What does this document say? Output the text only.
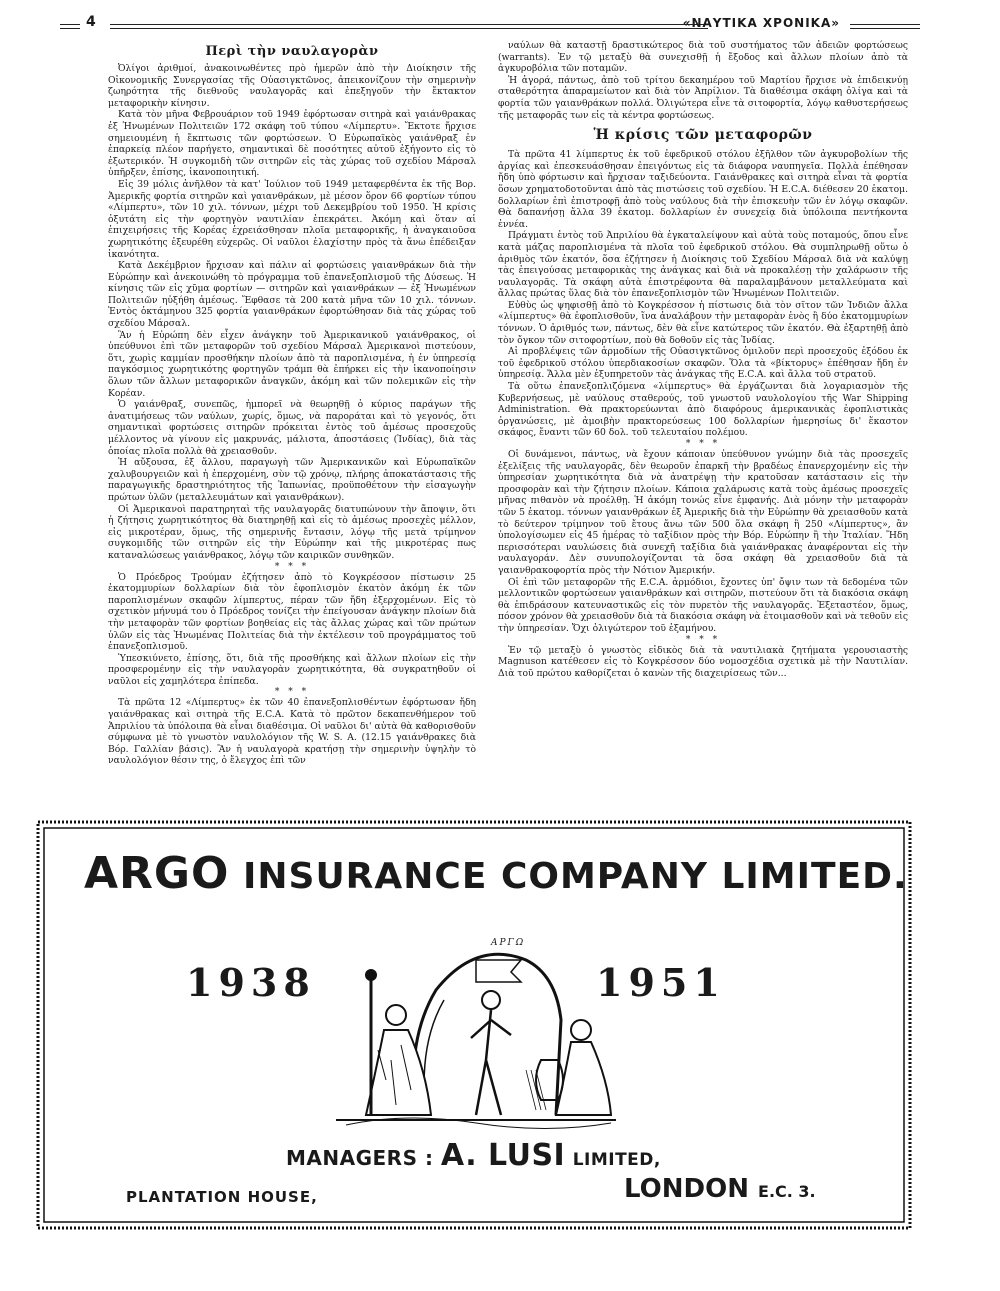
4	«ΝΑΥΤΙΚΑ ΧΡΟΝΙΚΑ»
Περὶ τὴν ναυλαγορὰν

Ὀλίγοι ἀριθμοί, ἀνακοινωθέντες πρὸ ἡμερῶν ἀπὸ τὴν Διοίκησιν τῆς Οἰκονομικῆς Συνεργασίας τῆς Οὐασιγκτῶνος, ἀπεικονίζουν τὴν σημερινὴν ζωηρότητα τῆς διεθνοῦς ναυλαγορᾶς καὶ ἐπεξηγοῦν τὴν ἔκτακτον μεταφορικὴν κίνησιν.

Κατὰ τὸν μῆνα Φεβρουάριον τοῦ 1949 ἐφόρτωσαν σιτηρὰ καὶ γαιάνθρακας ἐξ Ἡνωμένων Πολιτειῶν 172 σκάφη τοῦ τύπου «Λίμπερτυ». Ἔκτοτε ἤρχισε σημειουμένη ἡ ἔκπτωσις τῶν φορτώσεων. Ὁ Εὐρωπαϊκὸς γαιάνθραξ ἐν ἐπαρκείᾳ πλέον παρήγετο, σημαντικαὶ δὲ ποσότητες αὐτοῦ ἐξήγοντο εἰς τὸ ἐξωτερικόν. Ἡ συγκομιδὴ τῶν σιτηρῶν εἰς τὰς χώρας τοῦ σχεδίου Μάρσαλ ὑπῆρξεν, ἐπίσης, ἱκανοποιητική.

Εἰς 39 μόλις ἀνῆλθον τὰ κατ' Ἰούλιον τοῦ 1949 μεταφερθέντα ἐκ τῆς Βορ. Ἀμερικῆς φορτία σιτηρῶν καὶ γαιανθράκων, μὲ μέσον ὅρον 66 φορτίων τύπου «Λίμπερτυ», τῶν 10 χιλ. τόννων, μέχρι τοῦ Δεκεμβρίου τοῦ 1950. Ἡ κρίσις ὀξυτάτη εἰς τὴν φορτηγὸν ναυτιλίαν ἐπεκράτει. Ἀκόμη καὶ ὅταν αἱ ἐπιχειρήσεις τῆς Κορέας ἐχρειάσθησαν πλοῖα μεταφορικῆς, ἡ ἀναγκαιοῦσα χωρητικότης ἐξευρέθη εὐχερῶς. Οἱ ναῦλοι ἐλαχίστην πρὸς τὰ ἄνω ἐπέδειξαν ἱκανότητα.

Κατὰ Δεκέμβριον ἤρχισαν καὶ πάλιν αἱ φορτώσεις γαιανθράκων διὰ τὴν Εὐρώπην καὶ ἀνεκοινώθη τὸ πρόγραμμα τοῦ ἐπανεξοπλισμοῦ τῆς Δύσεως. Ἡ κίνησις τῶν εἰς χῦμα φορτίων — σιτηρῶν καὶ γαιανθράκων — ἐξ Ἡνωμένων Πολιτειῶν ηὐξήθη ἀμέσως. Ἔφθασε τὰ 200 κατὰ μῆνα τῶν 10 χιλ. τόννων. Ἐντὸς ὀκτάμηνου 325 φορτία γαιανθράκων ἐφορτώθησαν διὰ τὰς χώρας τοῦ σχεδίου Μάρσαλ.

Ἂν ἡ Εὐρώπη δὲν εἶχεν ἀνάγκην τοῦ Ἀμερικανικοῦ γαιάνθρακος, οἱ ὑπεύθυνοι ἐπὶ τῶν μεταφορῶν τοῦ σχεδίου Μάρσαλ Ἀμερικανοὶ πιστεύουν, ὅτι, χωρὶς καμμίαν προσθήκην πλοίων ἀπὸ τὰ παροπλισμένα, ἡ ἐν ὑπηρεσίᾳ παγκόσμιος χωρητικότης φορτηγῶν τράμπ θὰ ἐπήρκει εἰς τὴν ἱκανοποίησιν ὅλων τῶν ἄλλων μεταφορικῶν ἀναγκῶν, ἀκόμη καὶ τῶν πολεμικῶν εἰς τὴν Κορέαν.

Ὁ γαιάνθραξ, συνεπῶς, ἠμπορεῖ νὰ θεωρηθῇ ὁ κύριος παράγων τῆς ἀνατιμήσεως τῶν ναύλων, χωρίς, ὅμως, νὰ παροράται καὶ τὸ γεγονός, ὅτι σημαντικαὶ φορτώσεις σιτηρῶν πρόκειται ἐντὸς τοῦ ἀμέσως προσεχοῦς μέλλοντος νὰ γίνουν εἰς μακρυνάς, μάλιστα, ἀποστάσεις (Ἰνδίας), διὰ τὰς ὁποίας πλοῖα πολλὰ θὰ χρειασθοῦν.

Ἡ αὔξουσα, ἐξ ἄλλου, παραγωγὴ τῶν Ἀμερικανικῶν καὶ Εὐρωπαϊκῶν χαλυβουργειῶν καὶ ἡ ἐπερχομένη, σὺν τῷ χρόνῳ, πλήρης ἀποκατάστασις τῆς παραγωγικῆς δραστηριότητος τῆς Ἰαπωνίας, προϋποθέτουν τὴν εἰσαγωγὴν πρώτων ὑλῶν (μεταλλευμάτων καὶ γαιανθράκων).

Οἱ Ἀμερικανοὶ παρατηρηταὶ τῆς ναυλαγορᾶς διατυπώνουν τὴν ἄποψιν, ὅτι ἡ ζήτησις χωρητικότητος θὰ διατηρηθῇ καὶ εἰς τὸ ἀμέσως προσεχὲς μέλλον, εἰς μικροτέραν, ὅμως, τῆς σημερινῆς ἔντασιν, λόγῳ τῆς μετὰ τρίμηνον συγκομιδῆς τῶν σιτηρῶν εἰς τὴν Εὐρώπην καὶ τῆς μικροτέρας πως καταναλώσεως γαιάνθρακος, λόγῳ τῶν καιρικῶν συνθηκῶν.

* * *

Ὁ Πρόεδρος Τρούμαν ἐζήτησεν ἀπὸ τὸ Κογκρέσσον πίστωσιν 25 ἑκατομμυρίων δολλαρίων διὰ τὸν ἐφοπλισμὸν ἑκατὸν ἀκόμη ἐκ τῶν παροπλισμένων σκαφῶν λίμπερτυς, πέραν τῶν ἤδη ἐξερχομένων. Εἰς τὸ σχετικὸν μήνυμά του ὁ Πρόεδρος τονίζει τὴν ἐπείγουσαν ἀνάγκην πλοίων διὰ τὴν μεταφορὰν τῶν φορτίων βοηθείας εἰς τὰς ἄλλας χώρας καὶ τῶν πρώτων ὑλῶν εἰς τὰς Ἡνωμένας Πολιτείας διὰ τὴν ἐκτέλεσιν τοῦ προγράμματος τοῦ ἐπανεξοπλισμοῦ.

Ὑπεσκιύνετο, ἐπίσης, ὅτι, διὰ τῆς προσθήκης καὶ ἄλλων πλοίων εἰς τὴν προσφερομένην εἰς τὴν ναυλαγορὰν χωρητικότητα, θὰ συγκρατηθοῦν οἱ ναῦλοι εἰς χαμηλότερα ἐπίπεδα.

* * *

Τὰ πρῶτα 12 «Λίμπερτυς» ἐκ τῶν 40 ἐπανεξοπλισθέντων ἐφόρτωσαν ἤδη γαιάνθρακας καὶ σιτηρὰ τῆς E.C.A. Κατὰ τὸ πρῶτον δεκαπενθήμερον τοῦ Ἀπριλίου τὰ ὑπόλοιπα θὰ εἶναι διαθέσιμα. Οἱ ναῦλοι δι' αὐτὰ θὰ καθορισθοῦν σύμφωνα μὲ τὸ γνωστὸν ναυλολόγιον τῆς W. S. A. (12.15 γαιάνθρακες διὰ Βόρ. Γαλλίαν βάσις). Ἂν ἡ ναυλαγορὰ κρατήσῃ τὴν σημερινὴν ὑψηλὴν τὸ ναυλολόγιον θέσιν της, ὁ ἔλεγχος ἐπὶ τῶν

ναύλων θὰ καταστῇ δραστικώτερος διὰ τοῦ συστήματος τῶν ἀδειῶν φορτώσεως (warrants). Ἐν τῷ μεταξὺ θὰ συνεχισθῇ ἡ ἔξοδος καὶ ἄλλων πλοίων ἀπὸ τὰ ἀγκυροβόλια τῶν ποταμῶν.

Ἡ ἀγορά, πάντως, ἀπὸ τοῦ τρίτου δεκαημέρου τοῦ Μαρτίου ἤρχισε νὰ ἐπιδεικνύῃ σταθερότητα ἀπαραμείωτον καὶ διὰ τὸν Ἀπρίλιον. Τὰ διαθέσιμα σκάφη ὀλίγα καὶ τὰ φορτία τῶν γαιανθράκων πολλά. Ὀλιγώτερα εἶνε τὰ σιτοφορτία, λόγῳ καθυστερήσεως τῆς μεταφορᾶς των εἰς τὰ κέντρα φορτώσεως.

Ἡ κρίσις τῶν μεταφορῶν

Τὰ πρῶτα 41 λίμπερτυς ἐκ τοῦ ἐφεδρικοῦ στόλου ἐξῆλθον τῶν ἀγκυροβολίων τῆς ἀργίας καὶ ἐπεσκευάσθησαν ἐπειγόντως εἰς τὰ διάφορα ναυπηγεῖα. Πολλὰ ἐπέθησαν ἤδη ὑπὸ φόρτωσιν καὶ ἤρχισαν ταξιδεύοντα. Γαιάνθρακες καὶ σιτηρὰ εἶναι τὰ φορτία ὅσων χρηματοδοτοῦνται ἀπὸ τὰς πιστώσεις τοῦ σχεδίου. Ἡ E.C.A. διέθεσεν 20 ἑκατομ. δολλαρίων ἐπὶ ἐπιστροφῇ ἀπὸ τοὺς ναύλους διὰ τὴν ἐπισκευὴν τῶν ἐν λόγῳ σκαφῶν. Θὰ δαπανήσῃ ἄλλα 39 ἑκατομ. δολλαρίων ἐν συνεχείᾳ διὰ ὑπόλοιπα πεντήκοντα ἐννέα.

Πράγματι ἐντὸς τοῦ Ἀπριλίου θὰ ἐγκαταλείψουν καὶ αὐτὰ τοὺς ποταμούς, ὅπου εἶνε κατὰ μάζας παροπλισμένα τὰ πλοῖα τοῦ ἐφεδρικοῦ στόλου. Θὰ συμπληρωθῇ οὕτω ὁ ἀριθμὸς τῶν ἑκατόν, ὅσα ἐζήτησεν ἡ Διοίκησις τοῦ Σχεδίου Μάρσαλ διὰ νὰ καλύψῃ τὰς ἐπειγούσας μεταφορικὰς της ἀνάγκας καὶ διὰ νὰ προκαλέσῃ τὴν χαλάρωσιν τῆς ναυλαγορᾶς. Τὰ σκάφη αὐτὰ ἐπιστρέφοντα θὰ παραλαμβάνουν μεταλλεύματα καὶ ἄλλας πρώτας ὕλας διὰ τὸν ἐπανεξοπλισμὸν τῶν Ἡνωμένων Πολιτειῶν.

Εὐθὺς ὡς ψηφισθῇ ἀπὸ τὸ Κογκρέσσον ἡ πίστωσις διὰ τὸν σῖτον τῶν Ἰνδιῶν ἄλλα «λίμπερτυς» θὰ ἐφοπλισθοῦν, ἵνα ἀναλάβουν τὴν μεταφορὰν ἑνὸς ἢ δύο ἑκατομμυρίων τόννων. Ὁ ἀριθμός των, πάντως, δὲν θὰ εἶνε κατώτερος τῶν ἑκατόν. Θὰ ἐξαρτηθῇ ἀπὸ τὸν ὄγκον τῶν σιτοφορτίων, ποὺ θὰ δοθοῦν εἰς τὰς Ἰνδίας.

Αἱ προβλέψεις τῶν ἁρμοδίων τῆς Οὐασιγκτῶνος ὁμιλοῦν περὶ προσεχοῦς ἐξόδου ἐκ τοῦ ἐφεδρικοῦ στόλου ὑπερδιακοσίων σκαφῶν. Ὅλα τὰ «βίκτορυς» ἐπέθησαν ἤδη ἐν ὑπηρεσίᾳ. Ἄλλα μὲν ἐξυπηρετοῦν τὰς ἀνάγκας τῆς E.C.A. καὶ ἄλλα τοῦ στρατοῦ.

Τὰ οὕτω ἐπανεξοπλιζόμενα «λίμπερτυς» θὰ ἐργάζωνται διὰ λογαριασμὸν τῆς Κυβερνήσεως, μὲ ναύλους σταθερούς, τοῦ γνωστοῦ ναυλολογίου τῆς War Shipping Administration. Θὰ πρακτορεύωνται ἀπὸ διαφόρους ἀμερικανικὰς ἐφοπλιστικὰς ὀργανώσεις, μὲ ἀμοιβὴν πρακτορεύσεως 100 δολλαρίων ἡμερησίως δι' ἕκαστον σκάφος, ἔναντι τῶν 60 δολ. τοῦ τελευταίου πολέμου.

* * *

Οἱ δυνάμενοι, πάντως, νὰ ἔχουν κάποιαν ὑπεύθυνον γνώμην διὰ τὰς προσεχεῖς ἐξελίξεις τῆς ναυλαγορᾶς, δὲν θεωροῦν ἐπαρκῆ τὴν βραδέως ἐπανερχομένην εἰς τὴν ὑπηρεσίαν χωρητικότητα διὰ νὰ ἀνατρέψῃ τὴν κρατοῦσαν κατάστασιν εἰς τὴν προσφορὰν καὶ τὴν ζήτησιν πλοίων. Κάποια χαλάρωσις κατὰ τοὺς ἀμέσως προσεχεῖς μῆνας πιθανὸν νὰ προέλθῃ. Ἡ ἀκόμη τονώς εἶνε ἐμφανής. Διὰ μόνην τὴν μεταφορὰν τῶν 5 ἑκατομ. τόννων γαιανθράκων ἐξ Ἀμερικῆς διὰ τὴν Εὐρώπην θὰ χρειασθοῦν κατὰ τὸ δεύτερον τρίμηνον τοῦ ἔτους ἄνω τῶν 500 ὅλα σκάφη ἢ 250 «Λίμπερτυς», ἂν ὑπολογίσωμεν εἰς 45 ἡμέρας τὸ ταξίδιον πρὸς τὴν Βόρ. Εὐρώπην ἢ τὴν Ἰταλίαν. Ἤδη περισσότεραι ναυλώσεις διὰ συνεχῆ ταξίδια διὰ γαιάνθρακας ἀναφέρονται εἰς τὴν ναυλαγοράν. Δὲν συνυπολογίζονται τὰ ὅσα σκάφη θὰ χρειασθοῦν διὰ τὰ γαιανθρακοφορτία πρὸς τὴν Νότιον Ἀμερικήν.

Οἱ ἐπὶ τῶν μεταφορῶν τῆς E.C.A. ἁρμόδιοι, ἔχοντες ὑπ' ὄψιν των τὰ δεδομένα τῶν μελλοντικῶν φορτώσεων γαιανθράκων καὶ σιτηρῶν, πιστεύουν ὅτι τὰ διακόσια σκάφη θὰ ἐπιδράσουν κατευναστικῶς εἰς τὸν πυρετὸν τῆς ναυλαγορᾶς. Ἐξεταστέον, ὅμως, πόσον χρόνον θὰ χρειασθοῦν διὰ τὰ διακόσια σκάφη νὰ ἑτοιμασθοῦν καὶ νὰ τεθοῦν εἰς τὴν ὑπηρεσίαν. Ὄχι ὀλιγώτερον τοῦ ἑξαμήνου.

* * *

Ἐν τῷ μεταξὺ ὁ γνωστὸς εἰδικὸς διὰ τὰ ναυτιλιακὰ ζητήματα γερουσιαστὴς Magnuson κατέθεσεν εἰς τὸ Κογκρέσσον δύο νομοσχέδια σχετικὰ μὲ τὴν Ναυτιλίαν. Διὰ τοῦ πρώτου καθορίζεται ὁ κανὼν τῆς διαχειρίσεως τῶν...

ARGO INSURANCE COMPANY LIMITED.
1938	1951
ΑΡΓΩ
MANAGERS : A. LUSI LIMITED,
PLANTATION HOUSE,	LONDON E.C. 3.
